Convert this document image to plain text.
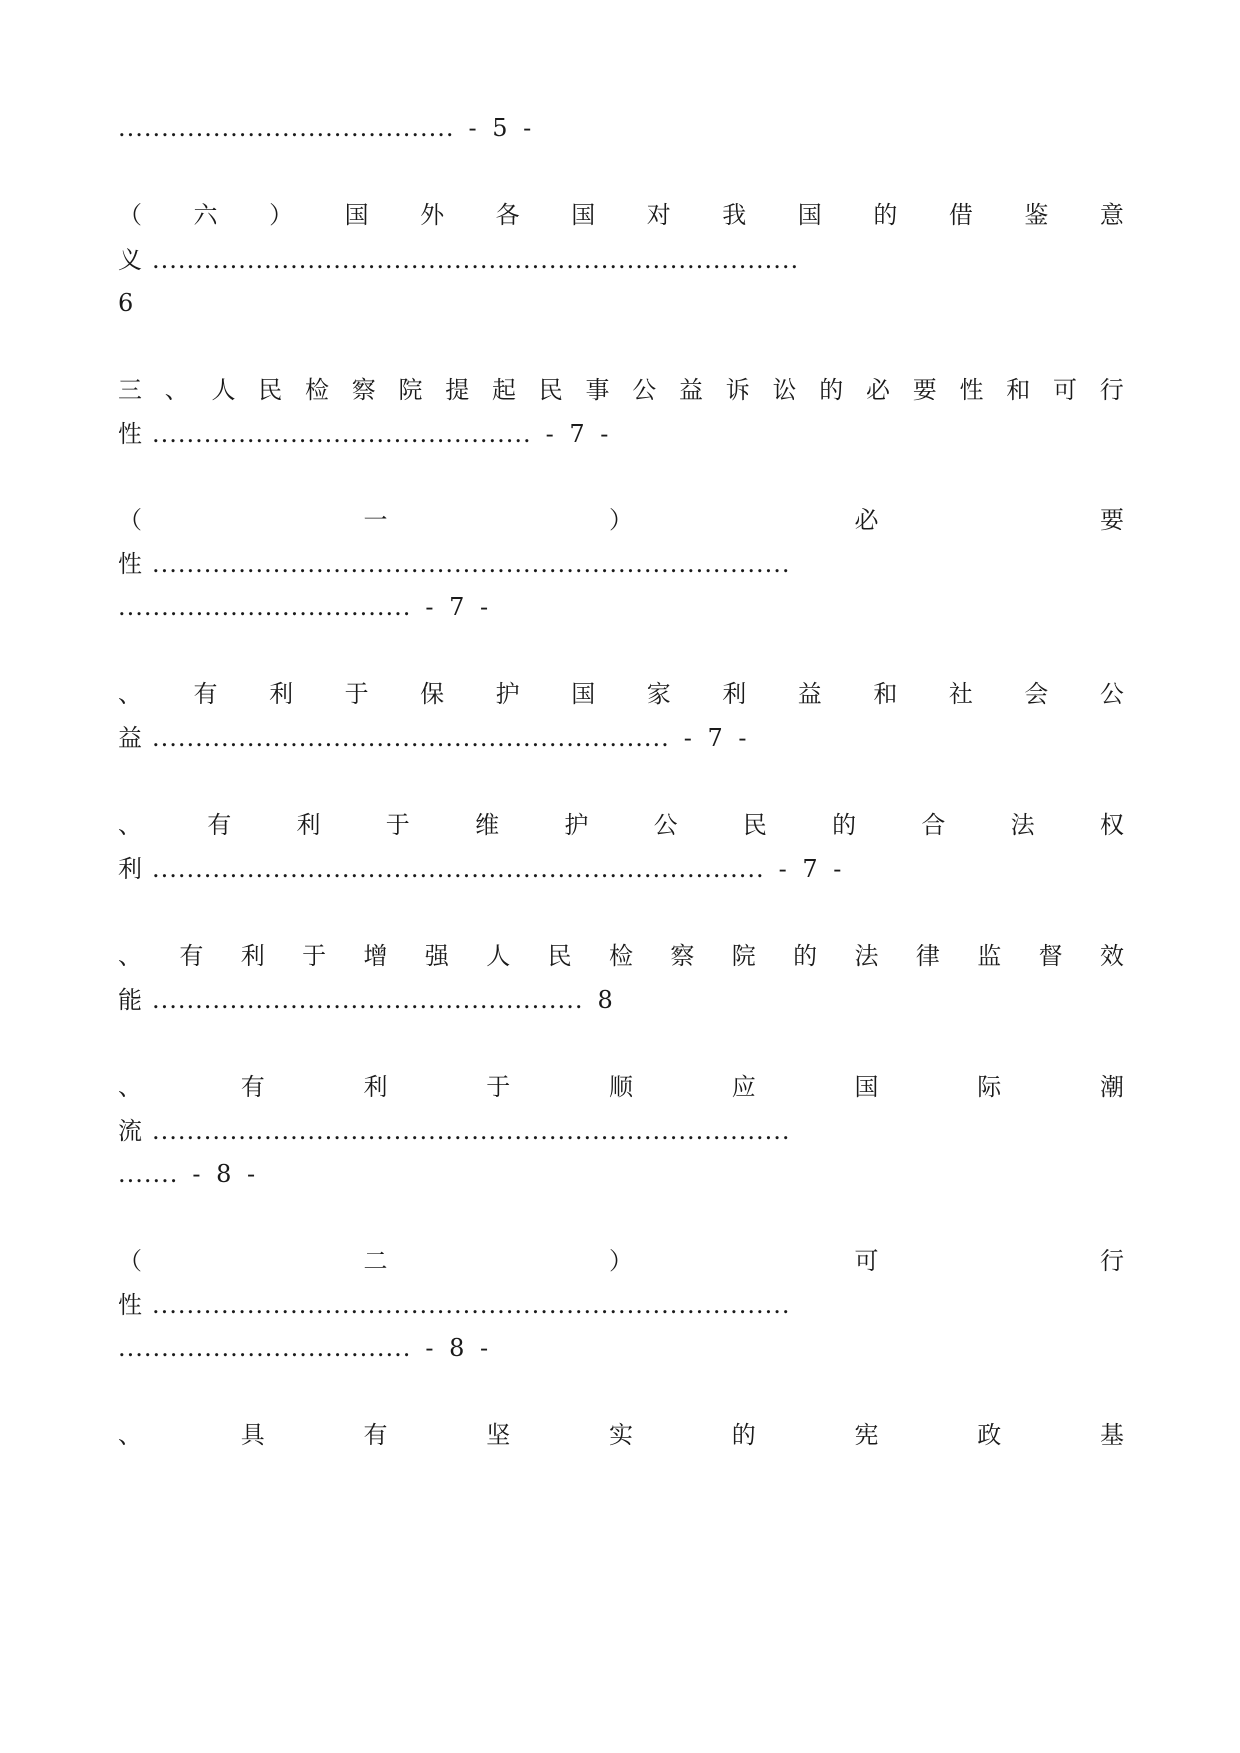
....................................... - 5 -
（ 六 ） 国 外 各 国 对 我 国 的 借 鉴 意
义 ...........................................................................
6
三 、 人 民 检 察 院 提 起 民 事 公 益 诉 讼 的 必 要 性 和 可 行
性 ............................................ - 7 -
（	一	）	必	要
性 ..........................................................................
.................................. - 7 -
、 有 利 于 保 护 国 家 利 益 和 社 会 公
益 ............................................................ - 7 -
、	有	利	于	维	护	公	民	的	合	法	权
利 ....................................................................... - 7 -
、 有 利 于 增 强 人 民 检 察 院 的 法 律 监 督 效
能 .................................................. 8
、	有	利	于	顺	应	国	际	潮
流 ..........................................................................
....... - 8 -
（	二	）	可	行
性 ..........................................................................
.................................. - 8 -
、	具	有	坚	实	的	宪	政	基
